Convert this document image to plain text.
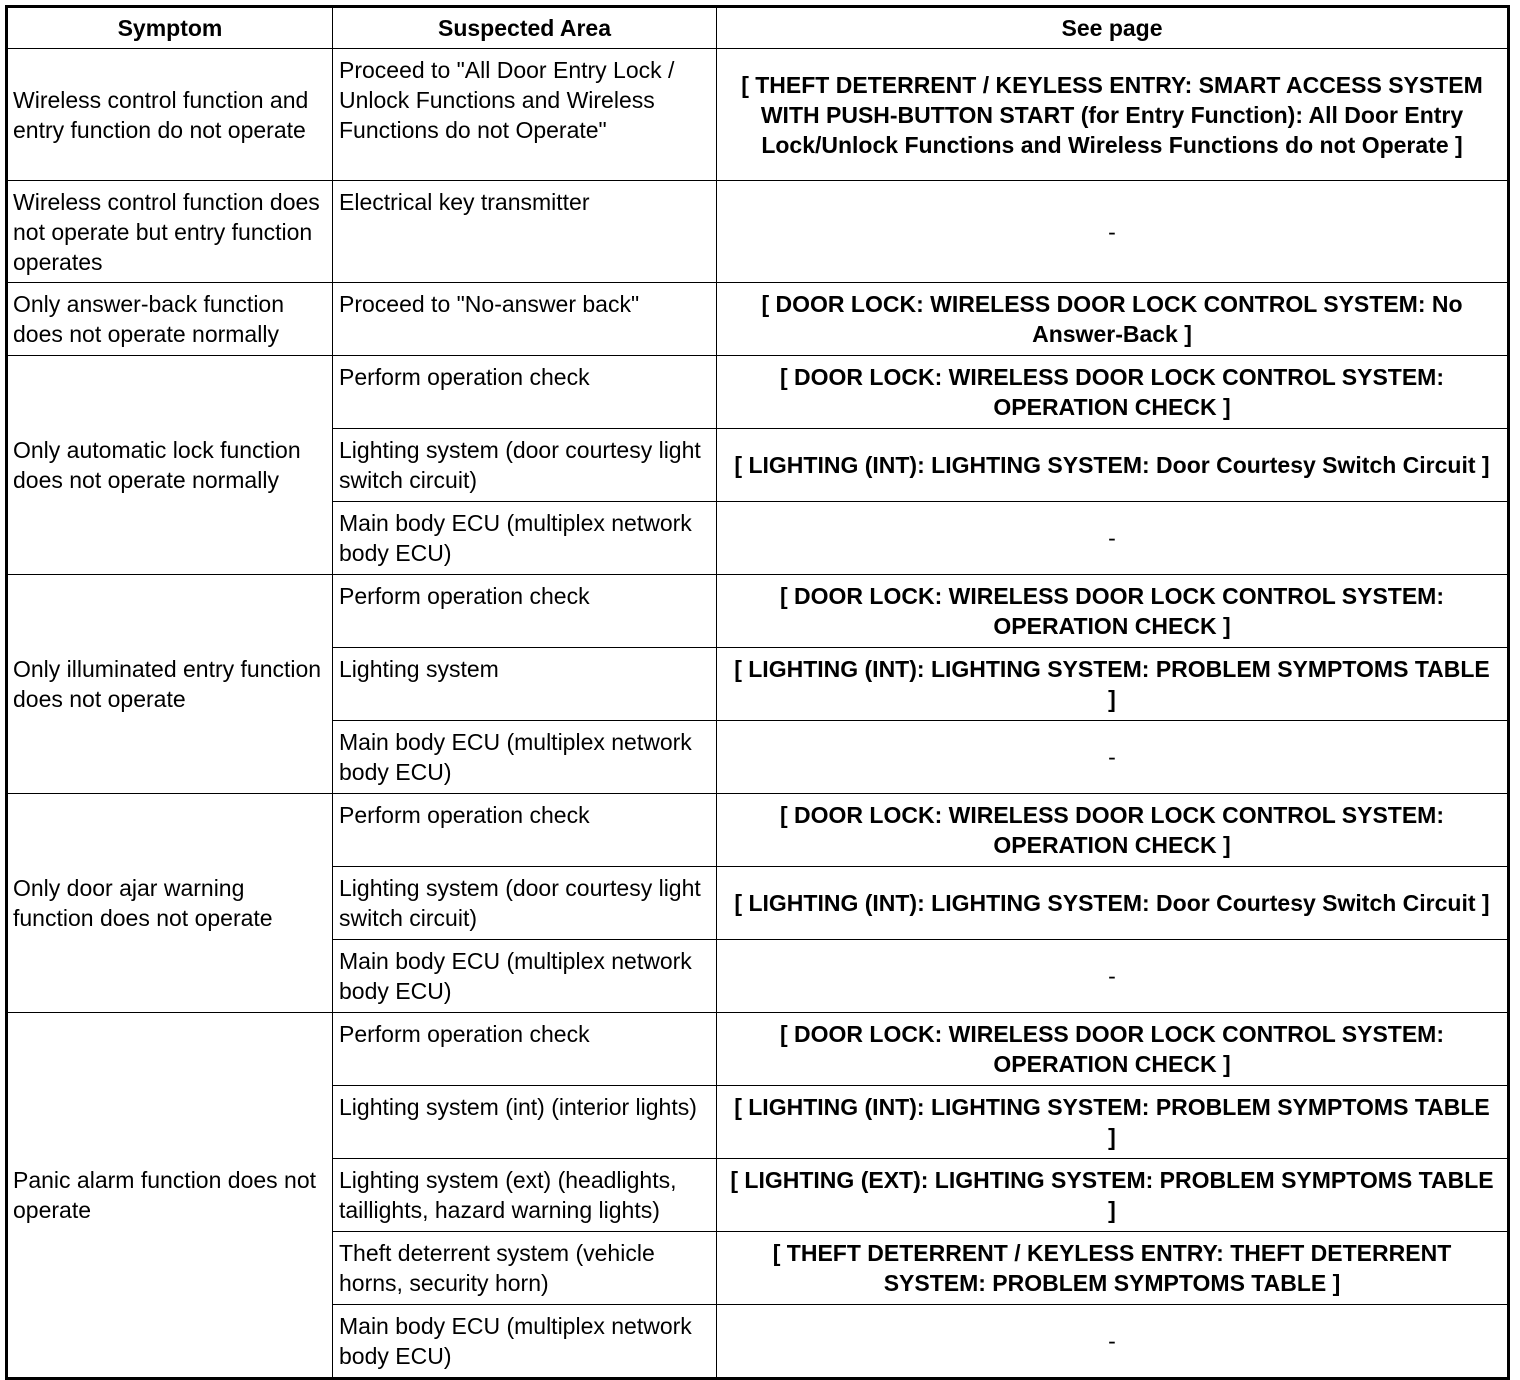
Symptom	Suspected Area	See page
Wireless control function and entry function do not operate	Proceed to "All Door Entry Lock / Unlock Functions and Wireless Functions do not Operate"	[ THEFT DETERRENT / KEYLESS ENTRY: SMART ACCESS SYSTEM WITH PUSH-BUTTON START (for Entry Function): All Door Entry Lock/Unlock Functions and Wireless Functions do not Operate ]
Wireless control function does not operate but entry function operates	Electrical key transmitter	-
Only answer-back function does not operate normally	Proceed to "No-answer back"	[ DOOR LOCK: WIRELESS DOOR LOCK CONTROL SYSTEM: No Answer-Back ]
Only automatic lock function does not operate normally	Perform operation check	[ DOOR LOCK: WIRELESS DOOR LOCK CONTROL SYSTEM: OPERATION CHECK ]
	Lighting system (door courtesy light switch circuit)	[ LIGHTING (INT): LIGHTING SYSTEM: Door Courtesy Switch Circuit ]
	Main body ECU (multiplex network body ECU)	-
Only illuminated entry function does not operate	Perform operation check	[ DOOR LOCK: WIRELESS DOOR LOCK CONTROL SYSTEM: OPERATION CHECK ]
	Lighting system	[ LIGHTING (INT): LIGHTING SYSTEM: PROBLEM SYMPTOMS TABLE ]
	Main body ECU (multiplex network body ECU)	-
Only door ajar warning function does not operate	Perform operation check	[ DOOR LOCK: WIRELESS DOOR LOCK CONTROL SYSTEM: OPERATION CHECK ]
	Lighting system (door courtesy light switch circuit)	[ LIGHTING (INT): LIGHTING SYSTEM: Door Courtesy Switch Circuit ]
	Main body ECU (multiplex network body ECU)	-
Panic alarm function does not operate	Perform operation check	[ DOOR LOCK: WIRELESS DOOR LOCK CONTROL SYSTEM: OPERATION CHECK ]
	Lighting system (int) (interior lights)	[ LIGHTING (INT): LIGHTING SYSTEM: PROBLEM SYMPTOMS TABLE ]
	Lighting system (ext) (headlights, taillights, hazard warning lights)	[ LIGHTING (EXT): LIGHTING SYSTEM: PROBLEM SYMPTOMS TABLE ]
	Theft deterrent system (vehicle horns, security horn)	[ THEFT DETERRENT / KEYLESS ENTRY: THEFT DETERRENT SYSTEM: PROBLEM SYMPTOMS TABLE ]
	Main body ECU (multiplex network body ECU)	-
